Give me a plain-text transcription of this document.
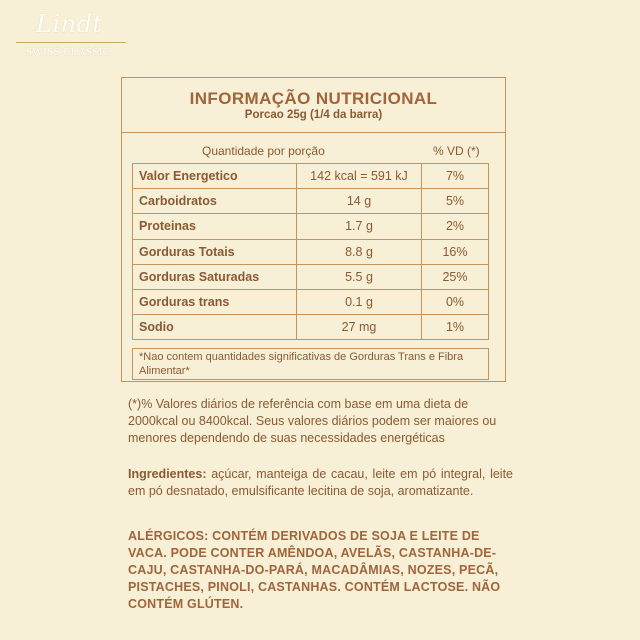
Lindt
SWISS CLASSIC
INFORMAÇÃO NUTRICIONAL
Porcao 25g (1/4 da barra)
Quantidade por porção	% VD (*)
Valor Energetico	142 kcal = 591 kJ	7%
Carboidratos	14 g	5%
Proteinas	1.7 g	2%
Gorduras Totais	8.8 g	16%
Gorduras Saturadas	5.5 g	25%
Gorduras trans	0.1 g	0%
Sodio	27 mg	1%
*Nao contem quantidades significativas de Gorduras Trans e Fibra Alimentar*
(*)% Valores diários de referência com base em uma dieta de 2000kcal ou 8400kcal. Seus valores diários podem ser maiores ou menores dependendo de suas necessidades energéticas
Ingredientes: açúcar, manteiga de cacau, leite em pó integral, leite em pó desnatado, emulsificante lecitina de soja, aromatizante.
ALÉRGICOS: CONTÉM DERIVADOS DE SOJA E LEITE DE VACA. PODE CONTER AMÊNDOA, AVELÃS, CASTANHA-DE-CAJU, CASTANHA-DO-PARÁ, MACADÂMIAS, NOZES, PECÃ, PISTACHES, PINOLI, CASTANHAS. CONTÉM LACTOSE. NÃO CONTÉM GLÚTEN.
